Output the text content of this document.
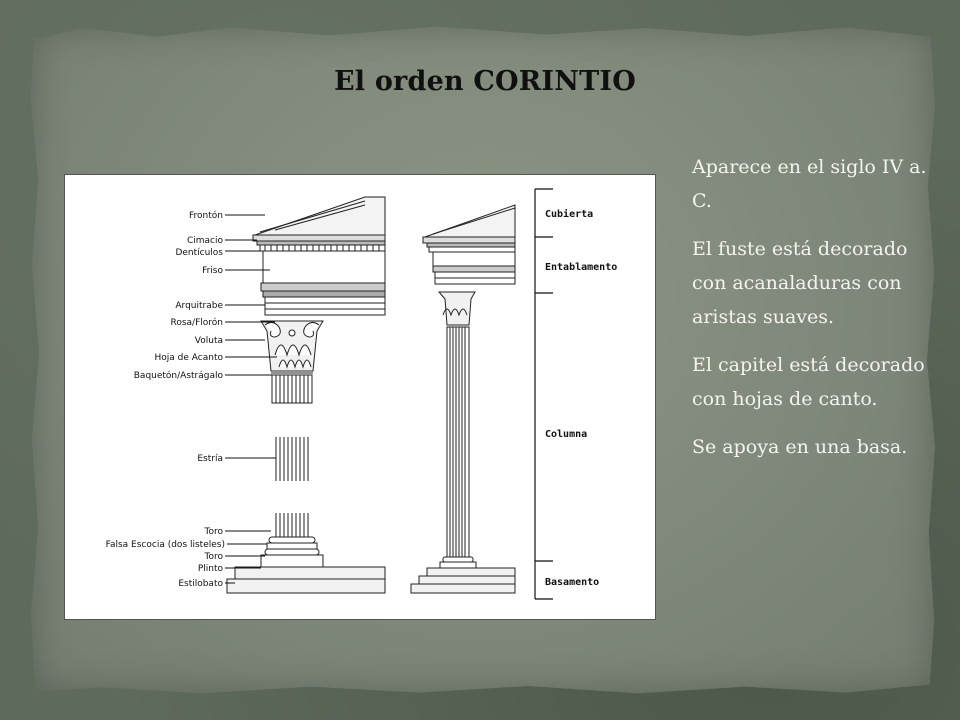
El orden CORINTIO
Frontón
Cimacio
Dentículos
Friso
Arquitrabe
Rosa/Florón
Voluta
Hoja de Acanto
Baquetón/Astrágalo
Estría
Toro
Falsa Escocia (dos listeles)
Toro
Plinto
Estilobato
Cubierta
Entablamento
Columna
Basamento

Aparece en el siglo IV a. C.

El fuste está decorado con acanaladuras con aristas suaves.

El capitel está decorado con hojas de canto.

Se apoya en una basa.
